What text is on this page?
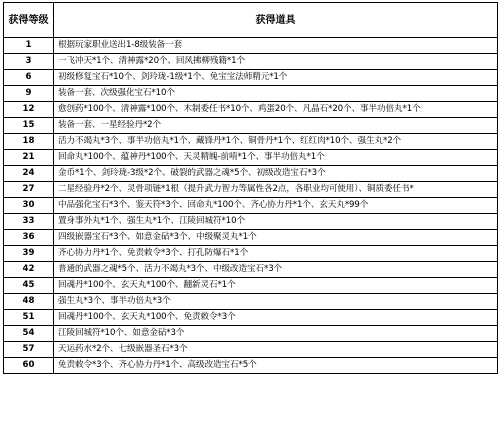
获得等级	获得道具
1	根据玩家职业送出1-8级装备一套
3	一飞冲天*1个、清神露*20个、回风拂柳残籍*1个
6	初级修复宝石*10个、剑玲珑-1级*1个、免宝宝法师精元*1个
9	装备一套、次级强化宝石*10个
12	愈创药*100个、清神露*100个、木制委任书*10个、鸡蛋20个、凡晶石*20个、事半功倍丸*1个
15	装备一套、一星经验丹*2个
18	活力不竭丸*3个、事半功倍丸*1个、藏锋丹*1个、铜骨丹*1个、红红肉*10个、强生丸*2个
21	回命丸*100个、蕴神丹*100个、天灵精魄-前啃*1个、事半功倍丸*1个
24	金币*1个、剑玲珑-3级*2个、破裂的武器之魂*5个、初级改造宝石*3个
27	二星经验丹*2个、灵骨项链*1根（提升武力智力等属性各2点，各职业均可使用）、铜质委任书*
30	中品强化宝石*3个、鉴天符*3个、回命丸*100个、齐心协力丹*1个、玄天丸*99个
33	置身事外丸*1个、强生丸*1个、江陵回城符*10个
36	四级嵌器宝石*3个、如意金砧*3个、中级聚灵丸*1个
39	齐心协力丹*1个、免责敕令*3个、打孔防爆石*1个
42	普通的武器之魂*5个、活力不竭丸*3个、中级改造宝石*3个
45	回魂丹*100个、玄天丸*100个、翻新灵石*1个
48	强生丸*3个、事半功倍丸*3个
51	回魂丹*100个、玄天丸*100个、免责敕令*3个
54	江陵回城符*10个、如意金砧*3个
57	天运药水*2个、七级嵌器圣石*3个
60	免责敕令*3个、齐心协力丹*1个、高级改造宝石*5个
